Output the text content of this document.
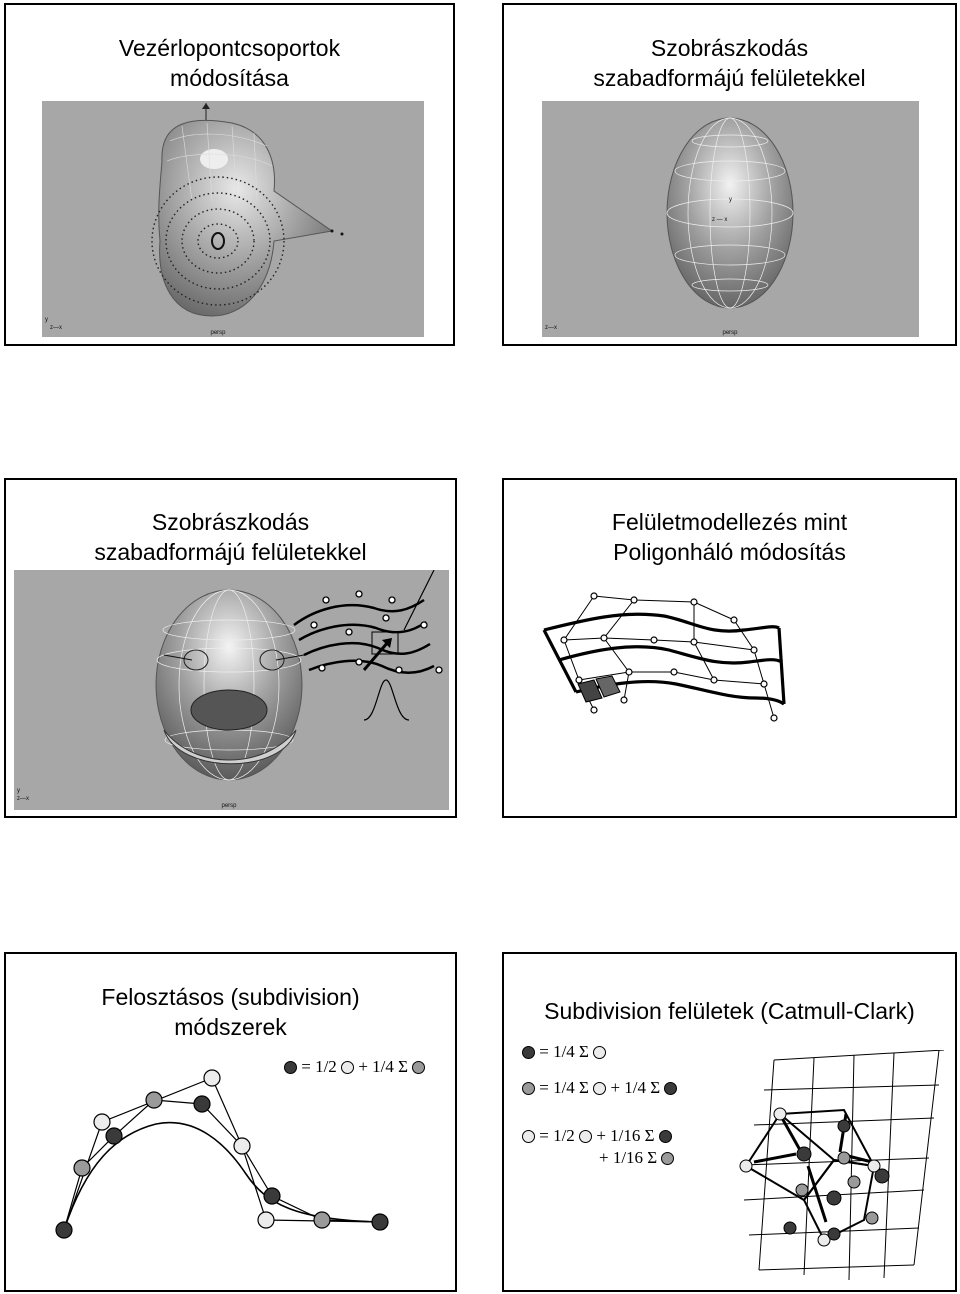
Vezérlopontcsoportok
módosítása
y
z—x
persp
Szobrászkodás
szabadformájú felületekkel
z — x
y
z—x
persp
Szobrászkodás
szabadformájú felületekkel
y
z—x
persp
Felületmodellezés mint
Poligonháló módosítás
Felosztásos (subdivision)
módszerek
= 1/2 + 1/4 Σ
Subdivision felületek (Catmull-Clark)
= 1/4 Σ
= 1/4 Σ + 1/4 Σ
= 1/2 + 1/16 Σ
+ 1/16 Σ
